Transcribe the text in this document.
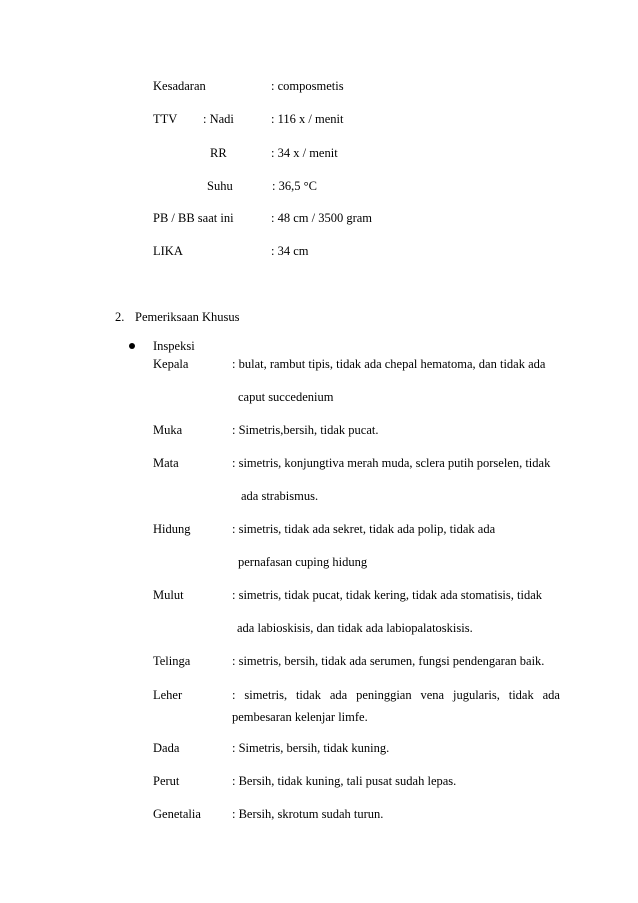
Kesadaran	: composmetis
TTV : Nadi	: 116 x / menit
RR	: 34 x / menit
Suhu	: 36,5 °C
PB / BB saat ini	: 48 cm / 3500 gram
LIKA	: 34 cm
2. Pemeriksaan Khusus
Inspeksi
Kepala	: bulat, rambut tipis, tidak ada chepal hematoma, dan tidak ada
caput succedenium
Muka	: Simetris,bersih, tidak pucat.
Mata	: simetris, konjungtiva merah muda, sclera putih porselen, tidak
ada strabismus.
Hidung	: simetris, tidak ada sekret, tidak ada polip, tidak ada
pernafasan cuping hidung
Mulut	: simetris, tidak pucat, tidak kering, tidak ada stomatisis, tidak
ada labioskisis, dan tidak ada labiopalatoskisis.
Telinga	: simetris, bersih, tidak ada serumen, fungsi pendengaran baik.
Leher	: simetris, tidak ada peninggian vena jugularis, tidak ada
pembesaran kelenjar limfe.
Dada	: Simetris, bersih, tidak kuning.
Perut	: Bersih, tidak kuning, tali pusat sudah lepas.
Genetalia : Bersih, skrotum sudah turun.
